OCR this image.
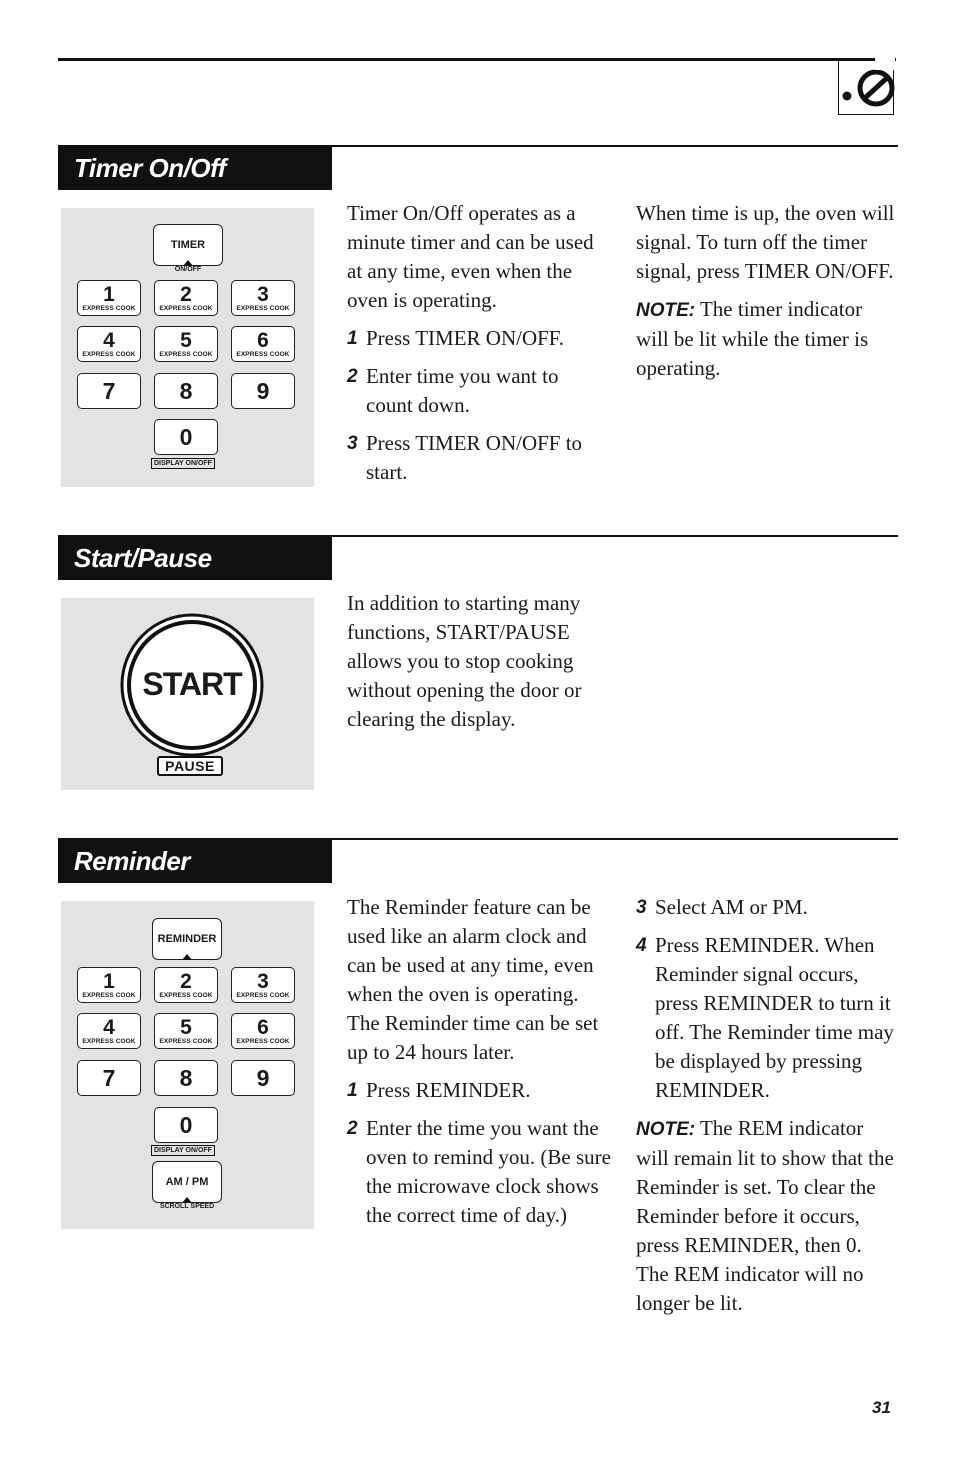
Timer On/Off
TIMER
ON/OFF
1
EXPRESS COOK
2
EXPRESS COOK
3
EXPRESS COOK
4
EXPRESS COOK
5
EXPRESS COOK
6
EXPRESS COOK
7	8	9
0
DISPLAY ON/OFF

Timer On/Off operates as a minute timer and can be used at any time, even when the oven is operating.

1 Press TIMER ON/OFF.
2 Enter time you want to count down.
3 Press TIMER ON/OFF to start.

When time is up, the oven will signal. To turn off the timer signal, press TIMER ON/OFF.

NOTE: The timer indicator will be lit while the timer is operating.

Start/Pause
START
PAUSE

In addition to starting many functions, START/PAUSE allows you to stop cooking without opening the door or clearing the display.

Reminder
REMINDER
1
EXPRESS COOK
2
EXPRESS COOK
3
EXPRESS COOK
4
EXPRESS COOK
5
EXPRESS COOK
6
EXPRESS COOK
7	8	9
0
DISPLAY ON/OFF
AM / PM
SCROLL SPEED

The Reminder feature can be used like an alarm clock and can be used at any time, even when the oven is operating. The Reminder time can be set up to 24 hours later.

1 Press REMINDER.
2 Enter the time you want the oven to remind you. (Be sure the microwave clock shows the correct time of day.)
3 Select AM or PM.
4 Press REMINDER. When Reminder signal occurs, press REMINDER to turn it off. The Reminder time may be displayed by pressing REMINDER.

NOTE: The REM indicator will remain lit to show that the Reminder is set. To clear the Reminder before it occurs, press REMINDER, then 0. The REM indicator will no longer be lit.

31
